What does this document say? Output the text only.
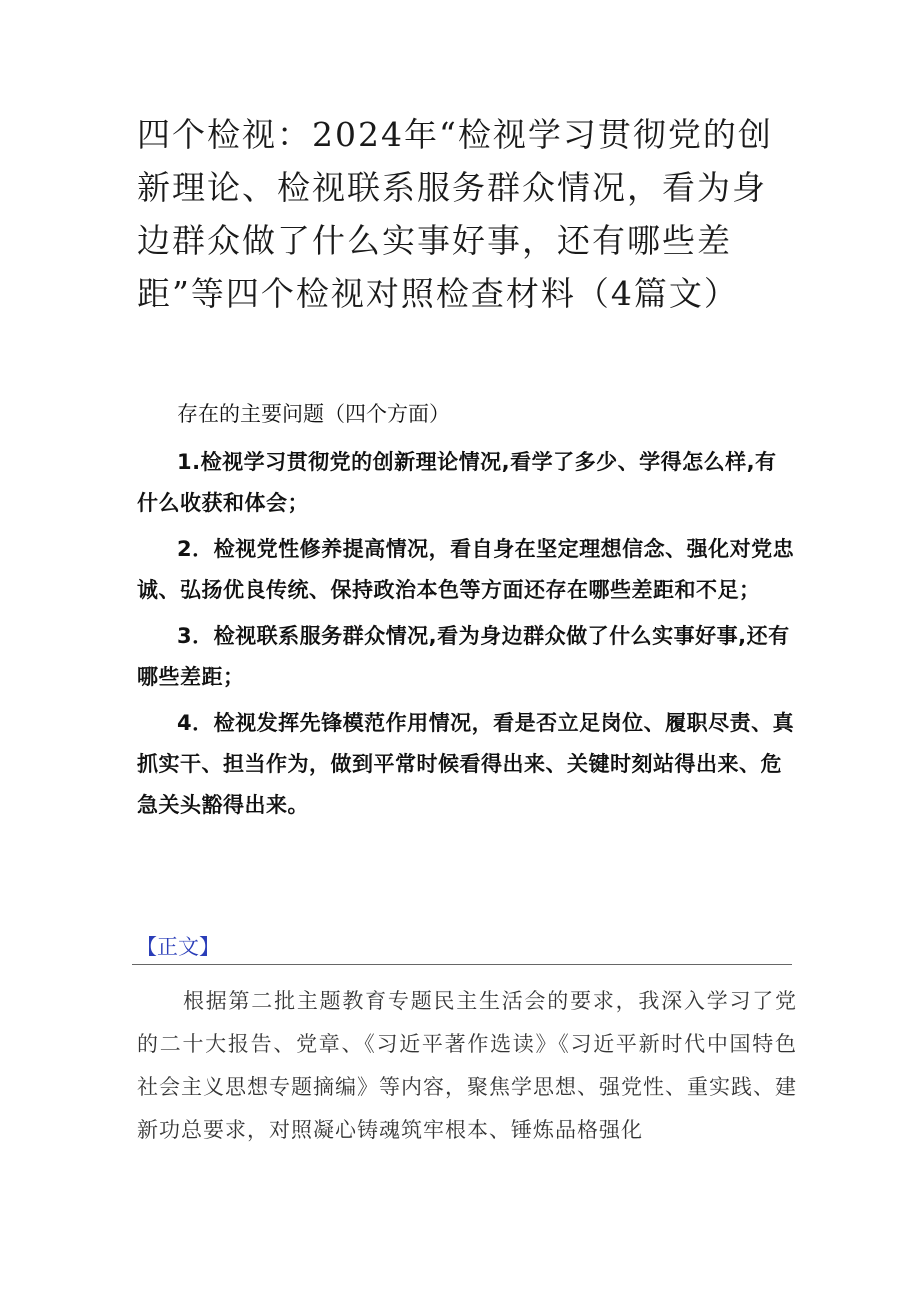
四个检视：2024年“检视学习贯彻党的创新理论、检视联系服务群众情况，看为身边群众做了什么实事好事，还有哪些差距”等四个检视对照检查材料（4篇文）
存在的主要问题（四个方面）

1.检视学习贯彻党的创新理论情况,看学了多少、学得怎么样,有什么收获和体会；

2．检视党性修养提高情况，看自身在坚定理想信念、强化对党忠诚、弘扬优良传统、保持政治本色等方面还存在哪些差距和不足；

3．检视联系服务群众情况,看为身边群众做了什么实事好事,还有哪些差距；

4．检视发挥先锋模范作用情况，看是否立足岗位、履职尽责、真抓实干、担当作为，做到平常时候看得出来、关键时刻站得出来、危急关头豁得出来。

【正文】

根据第二批主题教育专题民主生活会的要求，我深入学习了党的二十大报告、党章、《习近平著作选读》《习近平新时代中国特色社会主义思想专题摘编》等内容，聚焦学思想、强党性、重实践、建新功总要求，对照凝心铸魂筑牢根本、锤炼品格强化
